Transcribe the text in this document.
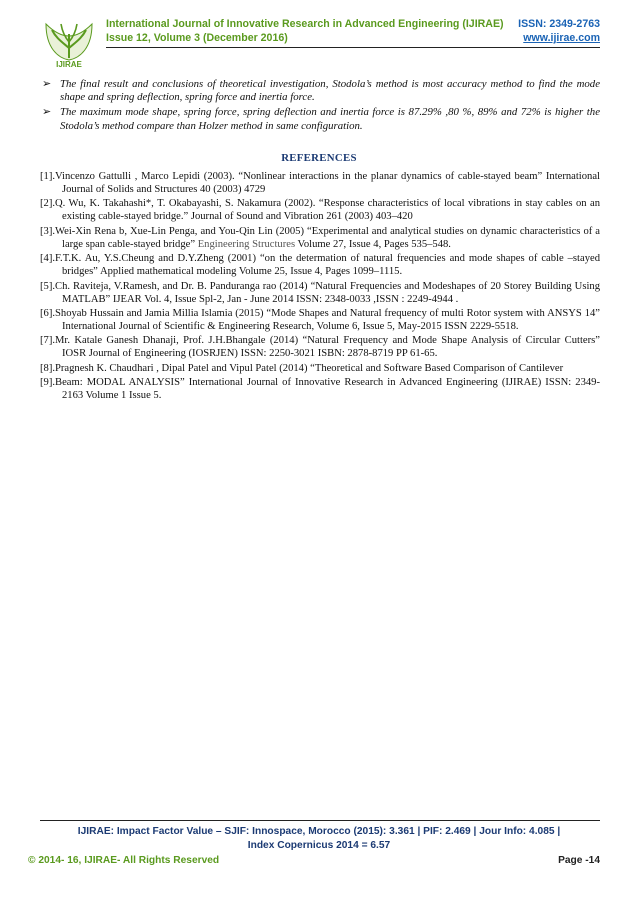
IJIRAE
International Journal of Innovative Research in Advanced Engineering (IJIRAE) ISSN: 2349-2763
Issue 12, Volume 3 (December 2016)	www.ijirae.com
➢ The final result and conclusions of theoretical investigation, Stodola’s method is most accuracy method to find the mode shape and spring deflection, spring force and inertia force.
➢ The maximum mode shape, spring force, spring deflection and inertia force is 87.29% ,80 %, 89% and 72% is higher the Stodola’s method compare than Holzer method in same configuration.
REFERENCES
[1].Vincenzo Gattulli , Marco Lepidi (2003). “Nonlinear interactions in the planar dynamics of cable-stayed beam” International Journal of Solids and Structures 40 (2003) 4729
[2].Q. Wu, K. Takahashi*, T. Okabayashi, S. Nakamura (2002). “Response characteristics of local vibrations in stay cables on an existing cable-stayed bridge.” Journal of Sound and Vibration 261 (2003) 403–420
[3].Wei-Xin Rena b, Xue-Lin Penga, and You-Qin Lin (2005) “Experimental and analytical studies on dynamic characteristics of a large span cable-stayed bridge” Engineering Structures Volume 27, Issue 4, Pages 535–548.
[4].F.T.K. Au, Y.S.Cheung and D.Y.Zheng (2001) “on the determation of natural frequencies and mode shapes of cable –stayed bridges” Applied mathematical modeling Volume 25, Issue 4, Pages 1099–1115.
[5].Ch. Raviteja, V.Ramesh, and Dr. B. Panduranga rao (2014) “Natural Frequencies and Modeshapes of 20 Storey Building Using MATLAB” IJEAR Vol. 4, Issue Spl-2, Jan - June 2014 ISSN: 2348-0033 ,ISSN : 2249-4944 .
[6].Shoyab Hussain and Jamia Millia Islamia (2015) “Mode Shapes and Natural frequency of multi Rotor system with ANSYS 14” International Journal of Scientific & Engineering Research, Volume 6, Issue 5, May-2015 ISSN 2229-5518.
[7].Mr. Katale Ganesh Dhanaji, Prof. J.H.Bhangale (2014) “Natural Frequency and Mode Shape Analysis of Circular Cutters” IOSR Journal of Engineering (IOSRJEN) ISSN: 2250-3021 ISBN: 2878-8719 PP 61-65.
[8].Pragnesh K. Chaudhari , Dipal Patel and Vipul Patel (2014) “Theoretical and Software Based Comparison of Cantilever
[9].Beam: MODAL ANALYSIS” International Journal of Innovative Research in Advanced Engineering (IJIRAE) ISSN: 2349-2163 Volume 1 Issue 5.
IJIRAE: Impact Factor Value – SJIF: Innospace, Morocco (2015): 3.361 | PIF: 2.469 | Jour Info: 4.085 |
Index Copernicus 2014 = 6.57
© 2014- 16, IJIRAE- All Rights Reserved	Page -14
